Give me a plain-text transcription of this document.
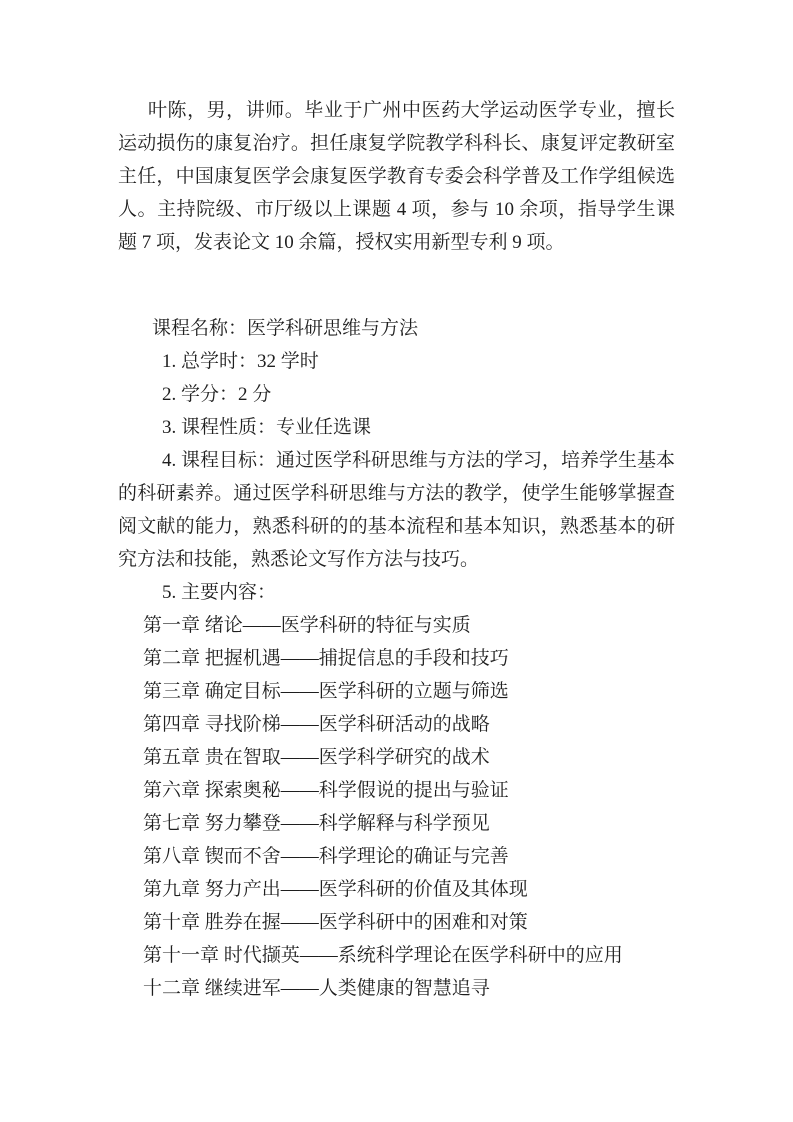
叶陈，男，讲师。毕业于广州中医药大学运动医学专业，擅长运动损伤的康复治疗。担任康复学院教学科科长、康复评定教研室主任，中国康复医学会康复医学教育专委会科学普及工作学组候选人。主持院级、市厅级以上课题 4 项，参与 10 余项，指导学生课题 7 项，发表论文 10 余篇，授权实用新型专利 9 项。

课程名称：医学科研思维与方法

1. 总学时：32 学时

2. 学分：2 分

3. 课程性质：专业任选课

4. 课程目标：通过医学科研思维与方法的学习，培养学生基本的科研素养。通过医学科研思维与方法的教学，使学生能够掌握查阅文献的能力，熟悉科研的的基本流程和基本知识，熟悉基本的研究方法和技能，熟悉论文写作方法与技巧。

5. 主要内容：

第一章 绪论——医学科研的特征与实质

第二章 把握机遇——捕捉信息的手段和技巧

第三章 确定目标——医学科研的立题与筛选

第四章 寻找阶梯——医学科研活动的战略

第五章 贵在智取——医学科学研究的战术

第六章 探索奥秘——科学假说的提出与验证

第七章 努力攀登——科学解释与科学预见

第八章 锲而不舍——科学理论的确证与完善

第九章 努力产出——医学科研的价值及其体现

第十章 胜券在握——医学科研中的困难和对策

第十一章 时代撷英——系统科学理论在医学科研中的应用

十二章 继续进军——人类健康的智慧追寻
